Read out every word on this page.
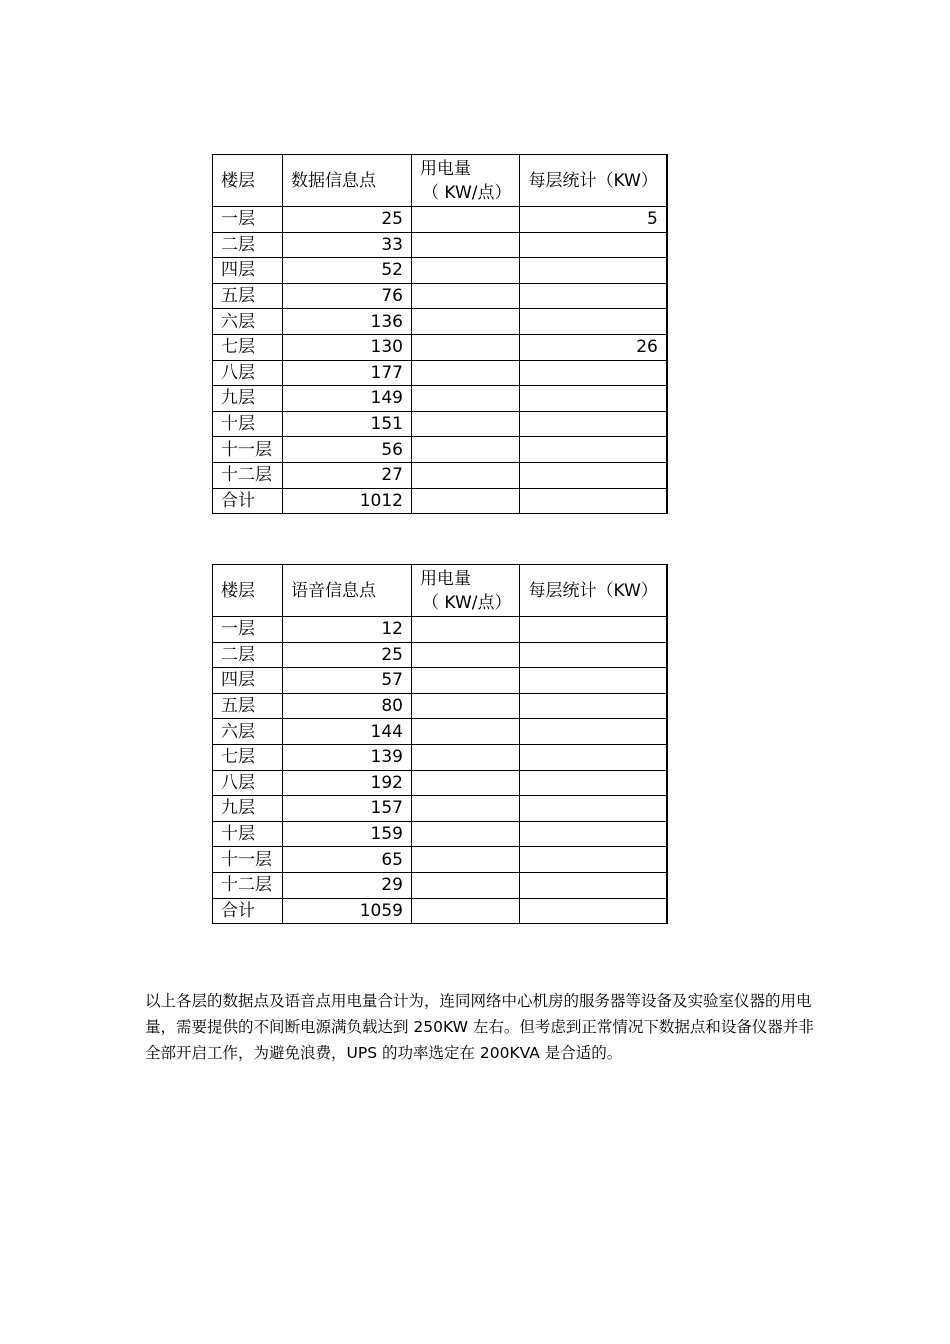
楼层	数据信息点	用电量
（ KW/点）	每层统计（KW）
一层	25		5
二层	33		
四层	52		
五层	76		
六层	136		
七层	130		26
八层	177		
九层	149		
十层	151		
十一层	56		
十二层	27		
合计	1012		
楼层	语音信息点	用电量
（ KW/点）	每层统计（KW）
一层	12		
二层	25		
四层	57		
五层	80		
六层	144		
七层	139		
八层	192		
九层	157		
十层	159		
十一层	65		
十二层	29		
合计	1059		

以上各层的数据点及语音点用电量合计为，连同网络中心机房的服务器等设备及实验室仪器的用电量，需要提供的不间断电源满负载达到 250KW 左右。但考虑到正常情况下数据点和设备仪器并非全部开启工作，为避免浪费，UPS 的功率选定在 200KVA 是合适的。
